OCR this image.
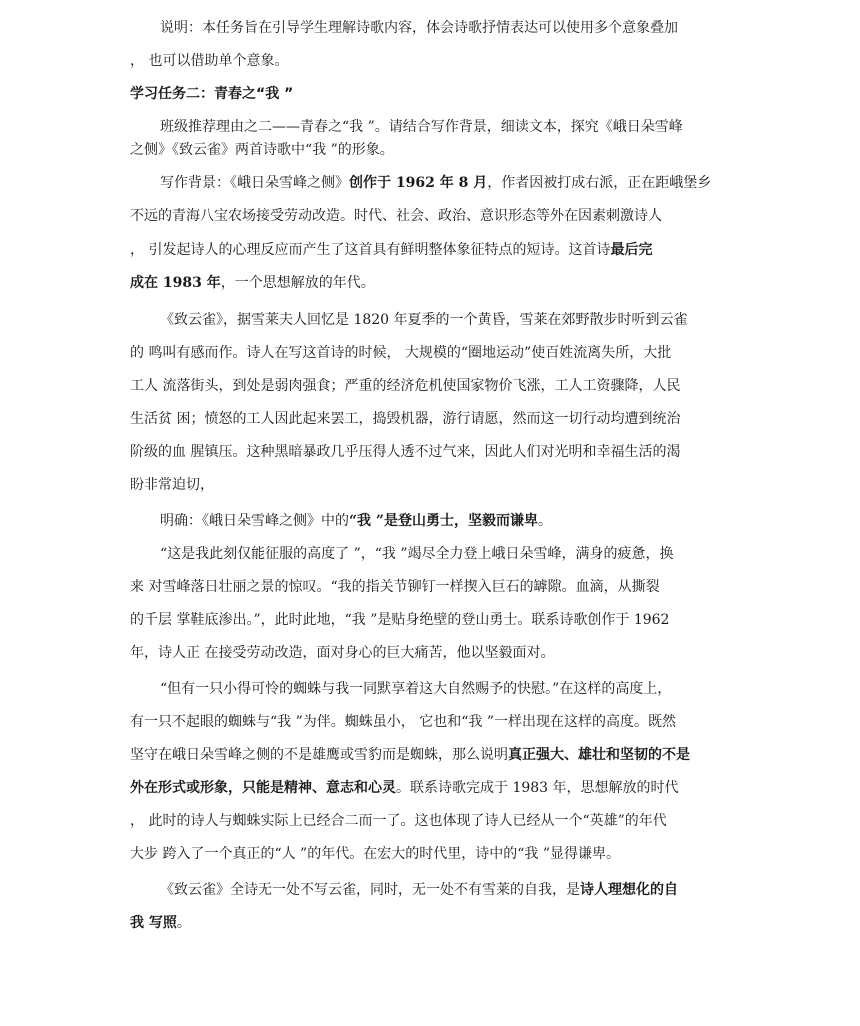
说明：本任务旨在引导学生理解诗歌内容，体会诗歌抒情表达可以使用多个意象叠加
， 也可以借助单个意象。
学习任务二：青春之“我 ”
班级推荐理由之二——青春之“我 ”。请结合写作背景，细读文本，探究《峨日朵雪峰
之侧》《致云雀》两首诗歌中“我 ”的形象。
写作背景：《峨日朵雪峰之侧》创作于 1962 年 8 月，作者因被打成右派，正在距峨堡乡
不远的青海八宝农场接受劳动改造。时代、社会、政治、意识形态等外在因素刺激诗人
， 引发起诗人的心理反应而产生了这首具有鲜明整体象征特点的短诗。这首诗最后完
成在 1983 年，一个思想解放的年代。
《致云雀》，据雪莱夫人回忆是 1820 年夏季的一个黄昏，雪莱在郊野散步时听到云雀
的 鸣叫有感而作。诗人在写这首诗的时候， 大规模的“圈地运动”使百姓流离失所，大批
工人 流落街头，到处是弱肉强食；严重的经济危机使国家物价飞涨，工人工资骤降，人民
生活贫 困；愤怒的工人因此起来罢工，捣毁机器，游行请愿，然而这一切行动均遭到统治
阶级的血 腥镇压。这种黑暗暴政几乎压得人透不过气来，因此人们对光明和幸福生活的渴
盼非常迫切，
明确：《峨日朵雪峰之侧》中的“我 ”是登山勇士，坚毅而谦卑。
“这是我此刻仅能征服的高度了 ”，“我 ”竭尽全力登上峨日朵雪峰，满身的疲惫，换
来 对雪峰落日壮丽之景的惊叹。“我的指关节铆钉一样揳入巨石的罅隙。血滴，从撕裂
的千层 掌鞋底渗出。”，此时此地，“我 ”是贴身绝壁的登山勇士。联系诗歌创作于 1962
年，诗人正 在接受劳动改造，面对身心的巨大痛苦，他以坚毅面对。
“但有一只小得可怜的蜘蛛与我一同默享着这大自然赐予的快慰。”在这样的高度上，
有一只不起眼的蜘蛛与“我 ”为伴。蜘蛛虽小， 它也和“我 ”一样出现在这样的高度。既然
坚守在峨日朵雪峰之侧的不是雄鹰或雪豹而是蜘蛛，那么说明真正强大、雄壮和坚韧的不是
外在形式或形象，只能是精神、意志和心灵。联系诗歌完成于 1983 年，思想解放的时代
， 此时的诗人与蜘蛛实际上已经合二而一了。这也体现了诗人已经从一个“英雄”的年代
大步 跨入了一个真正的“人 ”的年代。在宏大的时代里，诗中的“我 ”显得谦卑。
《致云雀》全诗无一处不写云雀，同时，无一处不有雪莱的自我，是诗人理想化的自
我 写照。
